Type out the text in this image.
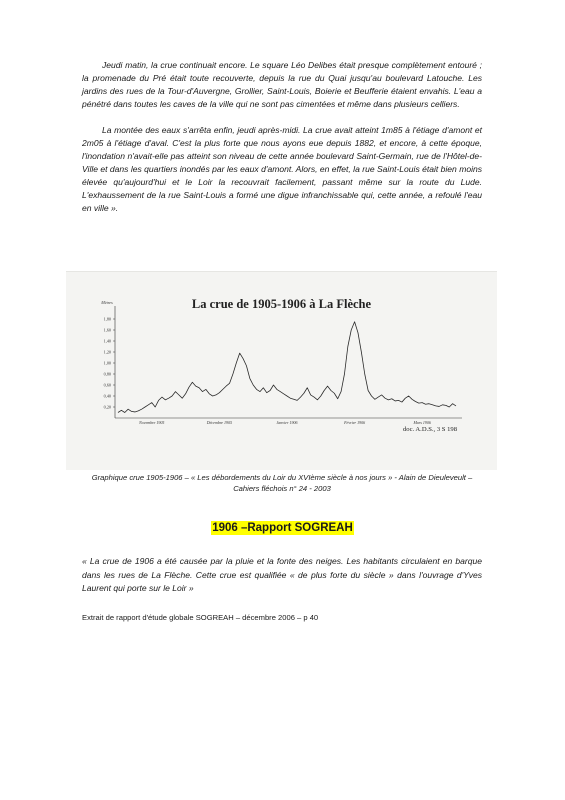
Jeudi matin, la crue continuait encore. Le square Léo Delibes était presque complètement entouré ; la promenade du Pré était toute recouverte, depuis la rue du Quai jusqu'au boulevard Latouche. Les jardins des rues de la Tour-d'Auvergne, Grollier, Saint-Louis, Boierie et Beufferie étaient envahis. L'eau a pénétré dans toutes les caves de la ville qui ne sont pas cimentées et même dans plusieurs celliers.

La montée des eaux s'arrêta enfin, jeudi après-midi. La crue avait atteint 1m85 à l'étiage d'amont et 2m05 à l'étiage d'aval. C'est la plus forte que nous ayons eue depuis 1882, et encore, à cette époque, l'inondation n'avait-elle pas atteint son niveau de cette année boulevard Saint-Germain, rue de l'Hôtel-de-Ville et dans les quartiers inondés par les eaux d'amont. Alors, en effet, la rue Saint-Louis était bien moins élevée qu'aujourd'hui et le Loir la recouvrait facilement, passant même sur la route du Lude. L'exhaussement de la rue Saint-Louis a formé une digue infranchissable qui, cette année, a refoulé l'eau en ville ».

La crue de 1905-1906 à La Flèche
Mètres
0,20
0,40
0,60
0,80
1,00
1,20
1,40
1,60
1,80
Novembre 1905	Décembre 1905	Janvier 1906	Février 1906	Mars 1906
doc. A.D.S., 3 S 198

Graphique crue 1905-1906 – « Les débordements du Loir du XVIème siècle à nos jours » - Alain de Dieuleveult –
Cahiers fléchois n° 24 - 2003

1906 –Rapport SOGREAH

« La crue de 1906 a été causée par la pluie et la fonte des neiges. Les habitants circulaient en barque dans les rues de La Flèche. Cette crue est qualifiée « de plus forte du siècle » dans l'ouvrage d'Yves Laurent qui porte sur le Loir »

Extrait de rapport d'étude globale SOGREAH – décembre 2006 – p 40
